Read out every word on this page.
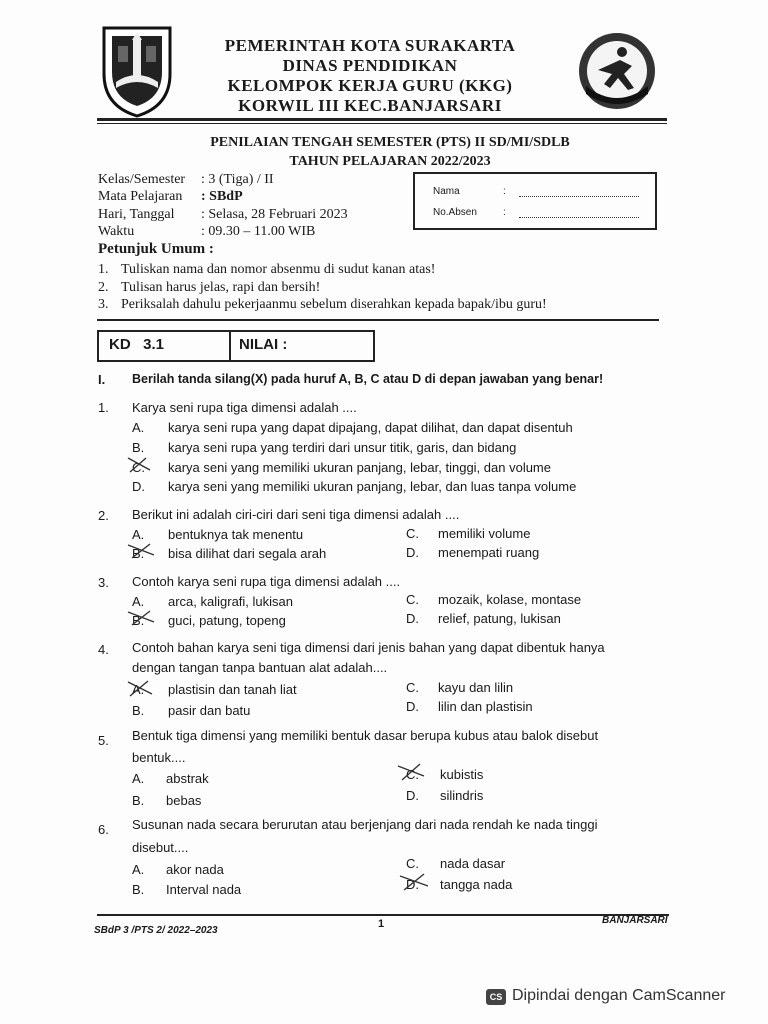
PEMERINTAH KOTA SURAKARTA
DINAS PENDIDIKAN
KELOMPOK KERJA GURU (KKG)
KORWIL III KEC.BANJARSARI
PENILAIAN TENGAH SEMESTER (PTS) II SD/MI/SDLB
TAHUN PELAJARAN 2022/2023
Kelas/Semester : 3 (Tiga) / II
Mata Pelajaran : SBdP
Hari, Tanggal : Selasa, 28 Februari 2023
Waktu	: 09.30 – 11.00 WIB
Nama	:
No.Absen	:
Petunjuk Umum :
1. Tuliskan nama dan nomor absenmu di sudut kanan atas!
2. Tulisan harus jelas, rapi dan bersih!
3. Periksalah dahulu pekerjaanmu sebelum diserahkan kepada bapak/ibu guru!
KD   3.1	NILAI :
I. Berilah tanda silang(X) pada huruf A, B, C atau D di depan jawaban yang benar!
1. Karya seni rupa tiga dimensi adalah ....
A. karya seni rupa yang dapat dipajang, dapat dilihat, dan dapat disentuh
B. karya seni rupa yang terdiri dari unsur titik, garis, dan bidang
C. karya seni yang memiliki ukuran panjang, lebar, tinggi, dan volume
D. karya seni yang memiliki ukuran panjang, lebar, dan luas tanpa volume
2. Berikut ini adalah ciri-ciri dari seni tiga dimensi adalah ....
A. bentuknya tak menentu
B. bisa dilihat dari segala arah
C. memiliki volume
D. menempati ruang
3. Contoh karya seni rupa tiga dimensi adalah ....
A. arca, kaligrafi, lukisan
B. guci, patung, topeng
C. mozaik, kolase, montase
D. relief, patung, lukisan
4. Contoh bahan karya seni tiga dimensi dari jenis bahan yang dapat dibentuk hanya
dengan tangan tanpa bantuan alat adalah....
A. plastisin dan tanah liat
B. pasir dan batu
C. kayu dan lilin
D. lilin dan plastisin
5. Bentuk tiga dimensi yang memiliki bentuk dasar berupa kubus atau balok disebut
bentuk....
A. abstrak
B. bebas
C. kubistis
D. silindris
6. Susunan nada secara berurutan atau berjenjang dari nada rendah ke nada tinggi
disebut....
A. akor nada
B. Interval nada
C. nada dasar
D. tangga nada
SBdP 3 /PTS 2/ 2022–2023
1	BANJARSARI
CS Dipindai dengan CamScanner
